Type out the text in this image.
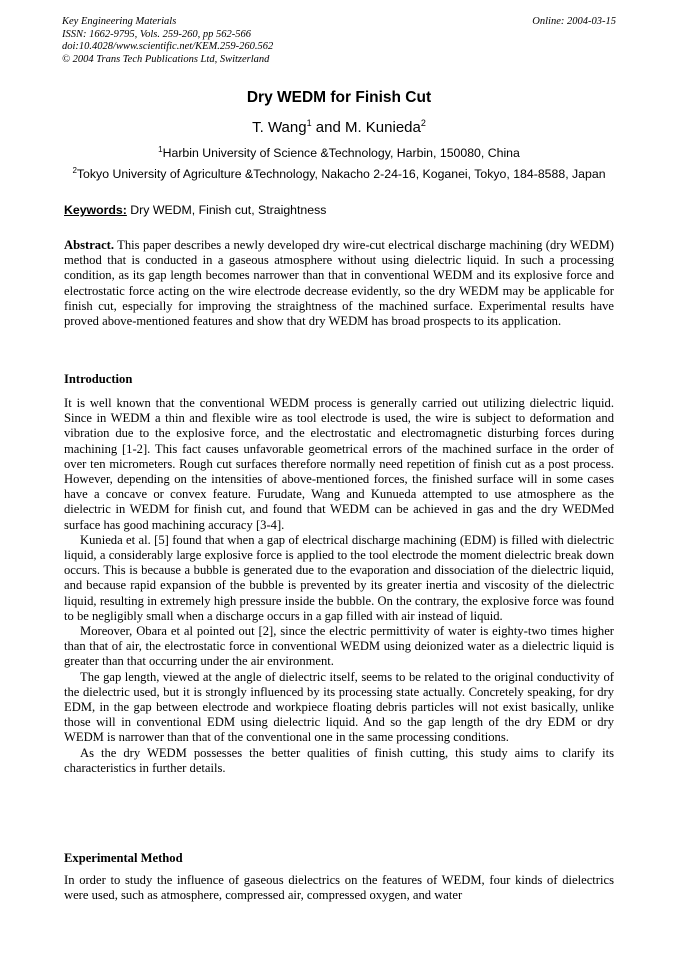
Key Engineering Materials
ISSN: 1662-9795, Vols. 259-260, pp 562-566
doi:10.4028/www.scientific.net/KEM.259-260.562
© 2004 Trans Tech Publications Ltd, Switzerland
Online: 2004-03-15
Dry WEDM for Finish Cut
T. Wang$^1$ and M. Kunieda$^2$
$^1$Harbin University of Science &Technology, Harbin, 150080, China
$^2$Tokyo University of Agriculture &Technology, Nakacho 2-24-16, Koganei, Tokyo, 184-8588, Japan
Keywords: Dry WEDM, Finish cut, Straightness

Abstract. This paper describes a newly developed dry wire-cut electrical discharge machining (dry WEDM) method that is conducted in a gaseous atmosphere without using dielectric liquid. In such a processing condition, as its gap length becomes narrower than that in conventional WEDM and its explosive force and electrostatic force acting on the wire electrode decrease evidently, so the dry WEDM may be applicable for finish cut, especially for improving the straightness of the machined surface. Experimental results have proved above-mentioned features and show that dry WEDM has broad prospects to its application.

Introduction

It is well known that the conventional WEDM process is generally carried out utilizing dielectric liquid. Since in WEDM a thin and flexible wire as tool electrode is used, the wire is subject to deformation and vibration due to the explosive force, and the electrostatic and electromagnetic disturbing forces during machining [1-2]. This fact causes unfavorable geometrical errors of the machined surface in the order of over ten micrometers. Rough cut surfaces therefore normally need repetition of finish cut as a post process. However, depending on the intensities of above-mentioned forces, the finished surface will in some cases have a concave or convex feature. Furudate, Wang and Kunueda attempted to use atmosphere as the dielectric in WEDM for finish cut, and found that WEDM can be achieved in gas and the dry WEDMed surface has good machining accuracy [3-4].

Kunieda et al. [5] found that when a gap of electrical discharge machining (EDM) is filled with dielectric liquid, a considerably large explosive force is applied to the tool electrode the moment dielectric break down occurs. This is because a bubble is generated due to the evaporation and dissociation of the dielectric liquid, and because rapid expansion of the bubble is prevented by its greater inertia and viscosity of the dielectric liquid, resulting in extremely high pressure inside the bubble. On the contrary, the explosive force was found to be negligibly small when a discharge occurs in a gap filled with air instead of liquid.

Moreover, Obara et al pointed out [2], since the electric permittivity of water is eighty-two times higher than that of air, the electrostatic force in conventional WEDM using deionized water as a dielectric liquid is greater than that occurring under the air environment.

The gap length, viewed at the angle of dielectric itself, seems to be related to the original conductivity of the dielectric used, but it is strongly influenced by its processing state actually. Concretely speaking, for dry EDM, in the gap between electrode and workpiece floating debris particles will not exist basically, unlike those will in conventional EDM using dielectric liquid. And so the gap length of the dry EDM or dry WEDM is narrower than that of the conventional one in the same processing conditions.

As the dry WEDM possesses the better qualities of finish cutting, this study aims to clarify its characteristics in further details.

Experimental Method

In order to study the influence of gaseous dielectrics on the features of WEDM, four kinds of dielectrics were used, such as atmosphere, compressed air, compressed oxygen, and water
